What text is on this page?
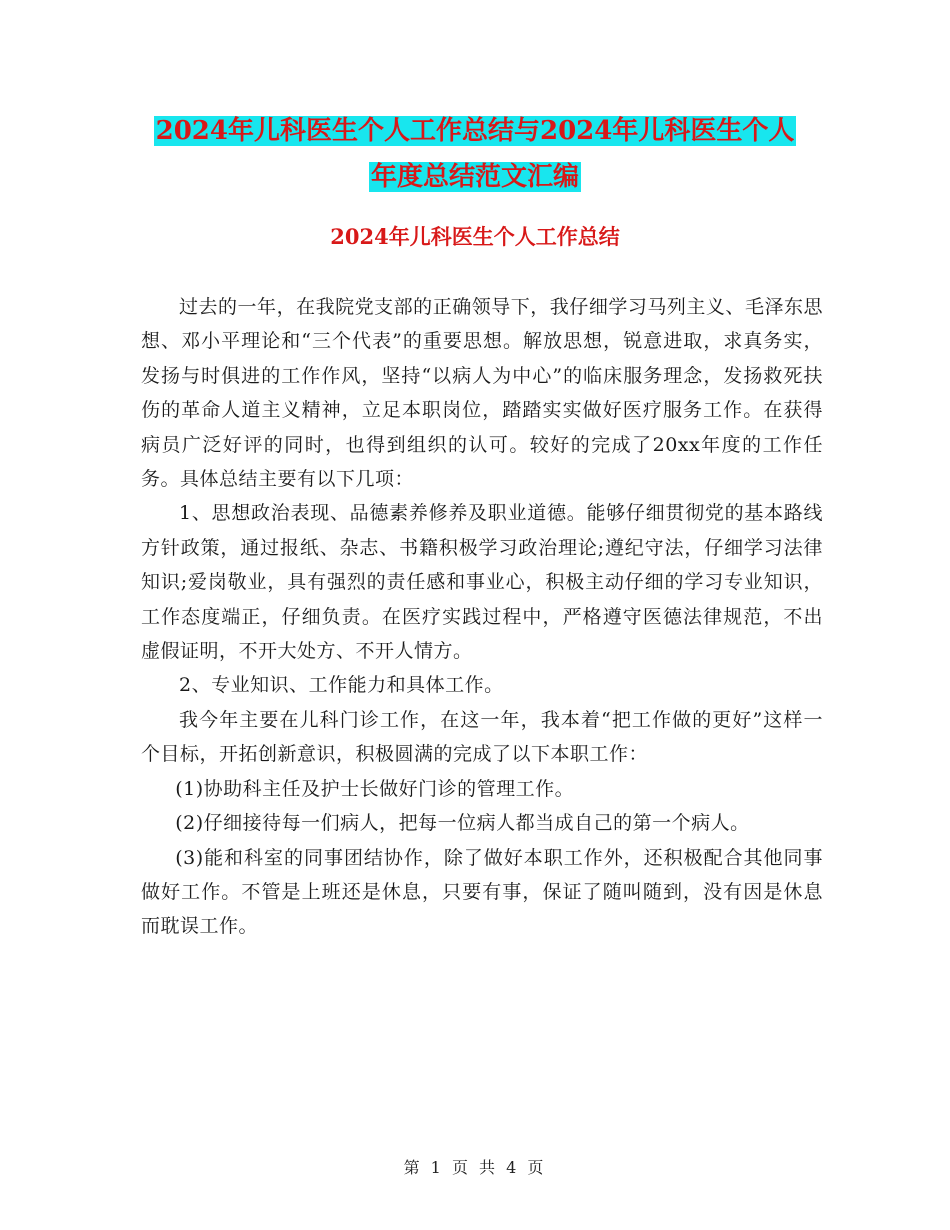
2024年儿科医生个人工作总结与2024年儿科医生个人
年度总结范文汇编
2024年儿科医生个人工作总结

过去的一年，在我院党支部的正确领导下，我仔细学习马列主义、毛泽东思想、邓小平理论和“三个代表”的重要思想。解放思想，锐意进取，求真务实，发扬与时俱进的工作作风，坚持“以病人为中心”的临床服务理念，发扬救死扶伤的革命人道主义精神，立足本职岗位，踏踏实实做好医疗服务工作。在获得病员广泛好评的同时，也得到组织的认可。较好的完成了20xx年度的工作任务。具体总结主要有以下几项：

1、思想政治表现、品德素养修养及职业道德。能够仔细贯彻党的基本路线方针政策，通过报纸、杂志、书籍积极学习政治理论;遵纪守法，仔细学习法律知识;爱岗敬业，具有强烈的责任感和事业心，积极主动仔细的学习专业知识，工作态度端正，仔细负责。在医疗实践过程中，严格遵守医德法律规范，不出虚假证明，不开大处方、不开人情方。

2、专业知识、工作能力和具体工作。

我今年主要在儿科门诊工作，在这一年，我本着“把工作做的更好”这样一个目标，开拓创新意识，积极圆满的完成了以下本职工作：

(1)协助科主任及护士长做好门诊的管理工作。

(2)仔细接待每一们病人，把每一位病人都当成自己的第一个病人。

(3)能和科室的同事团结协作，除了做好本职工作外，还积极配合其他同事做好工作。不管是上班还是休息，只要有事，保证了随叫随到，没有因是休息而耽误工作。

第 1 页 共 4 页
